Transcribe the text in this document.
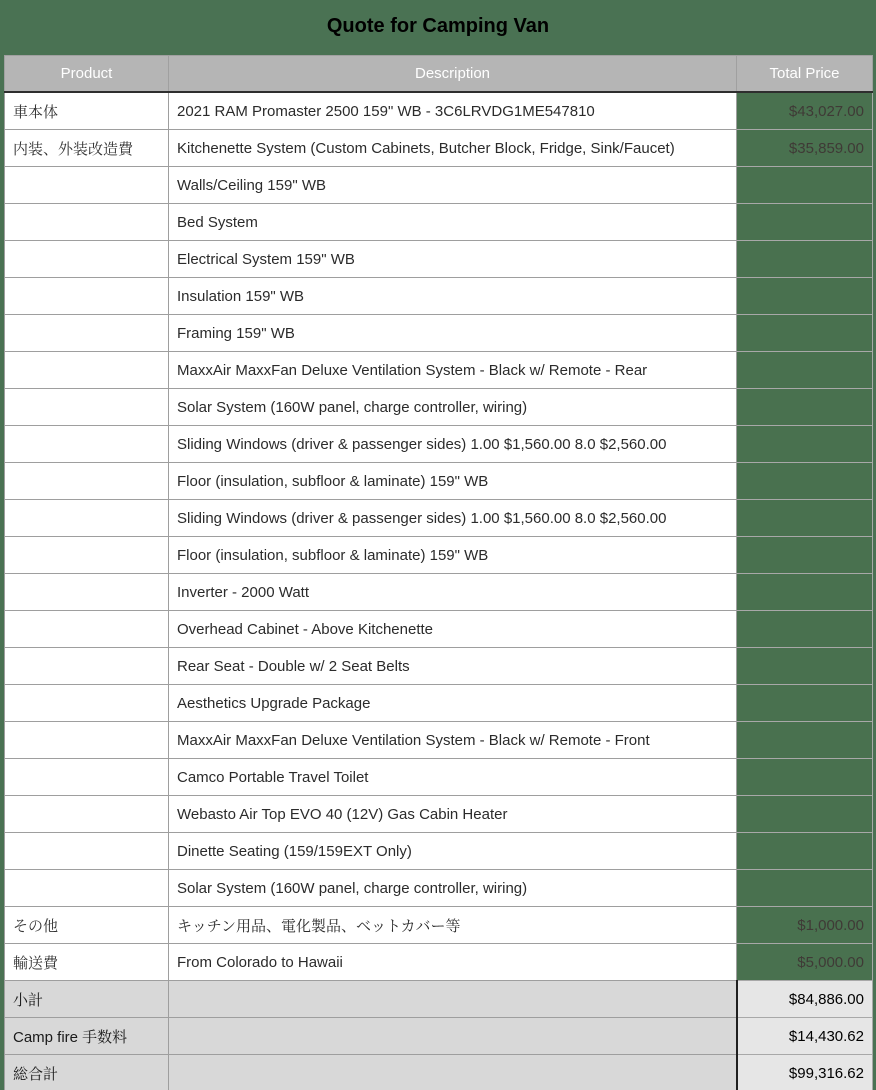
Quote for Camping Van
Product	Description	Total Price
車本体	2021 RAM Promaster 2500 159" WB - 3C6LRVDG1ME547810	$43,027.00
内装、外装改造費	Kitchenette System (Custom Cabinets, Butcher Block, Fridge, Sink/Faucet)	$35,859.00
	Walls/Ceiling 159" WB	
	Bed System	
	Electrical System 159" WB	
	Insulation 159" WB	
	Framing 159" WB	
	MaxxAir MaxxFan Deluxe Ventilation System - Black w/ Remote - Rear	
	Solar System (160W panel, charge controller, wiring)	
	Sliding Windows (driver & passenger sides) 1.00 $1,560.00 8.0 $2,560.00	
	Floor (insulation, subfloor & laminate) 159" WB	
	Sliding Windows (driver & passenger sides) 1.00 $1,560.00 8.0 $2,560.00	
	Floor (insulation, subfloor & laminate) 159" WB	
	Inverter - 2000 Watt	
	Overhead Cabinet - Above Kitchenette	
	Rear Seat - Double w/ 2 Seat Belts	
	Aesthetics Upgrade Package	
	MaxxAir MaxxFan Deluxe Ventilation System - Black w/ Remote - Front	
	Camco Portable Travel Toilet	
	Webasto Air Top EVO 40 (12V) Gas Cabin Heater	
	Dinette Seating (159/159EXT Only)	
	Solar System (160W panel, charge controller, wiring)	
その他	キッチン用品、電化製品、ベットカバー等	$1,000.00
輸送費	From Colorado to Hawaii	$5,000.00
小計		$84,886.00
Camp fire 手数料		$14,430.62
総合計		$99,316.62
